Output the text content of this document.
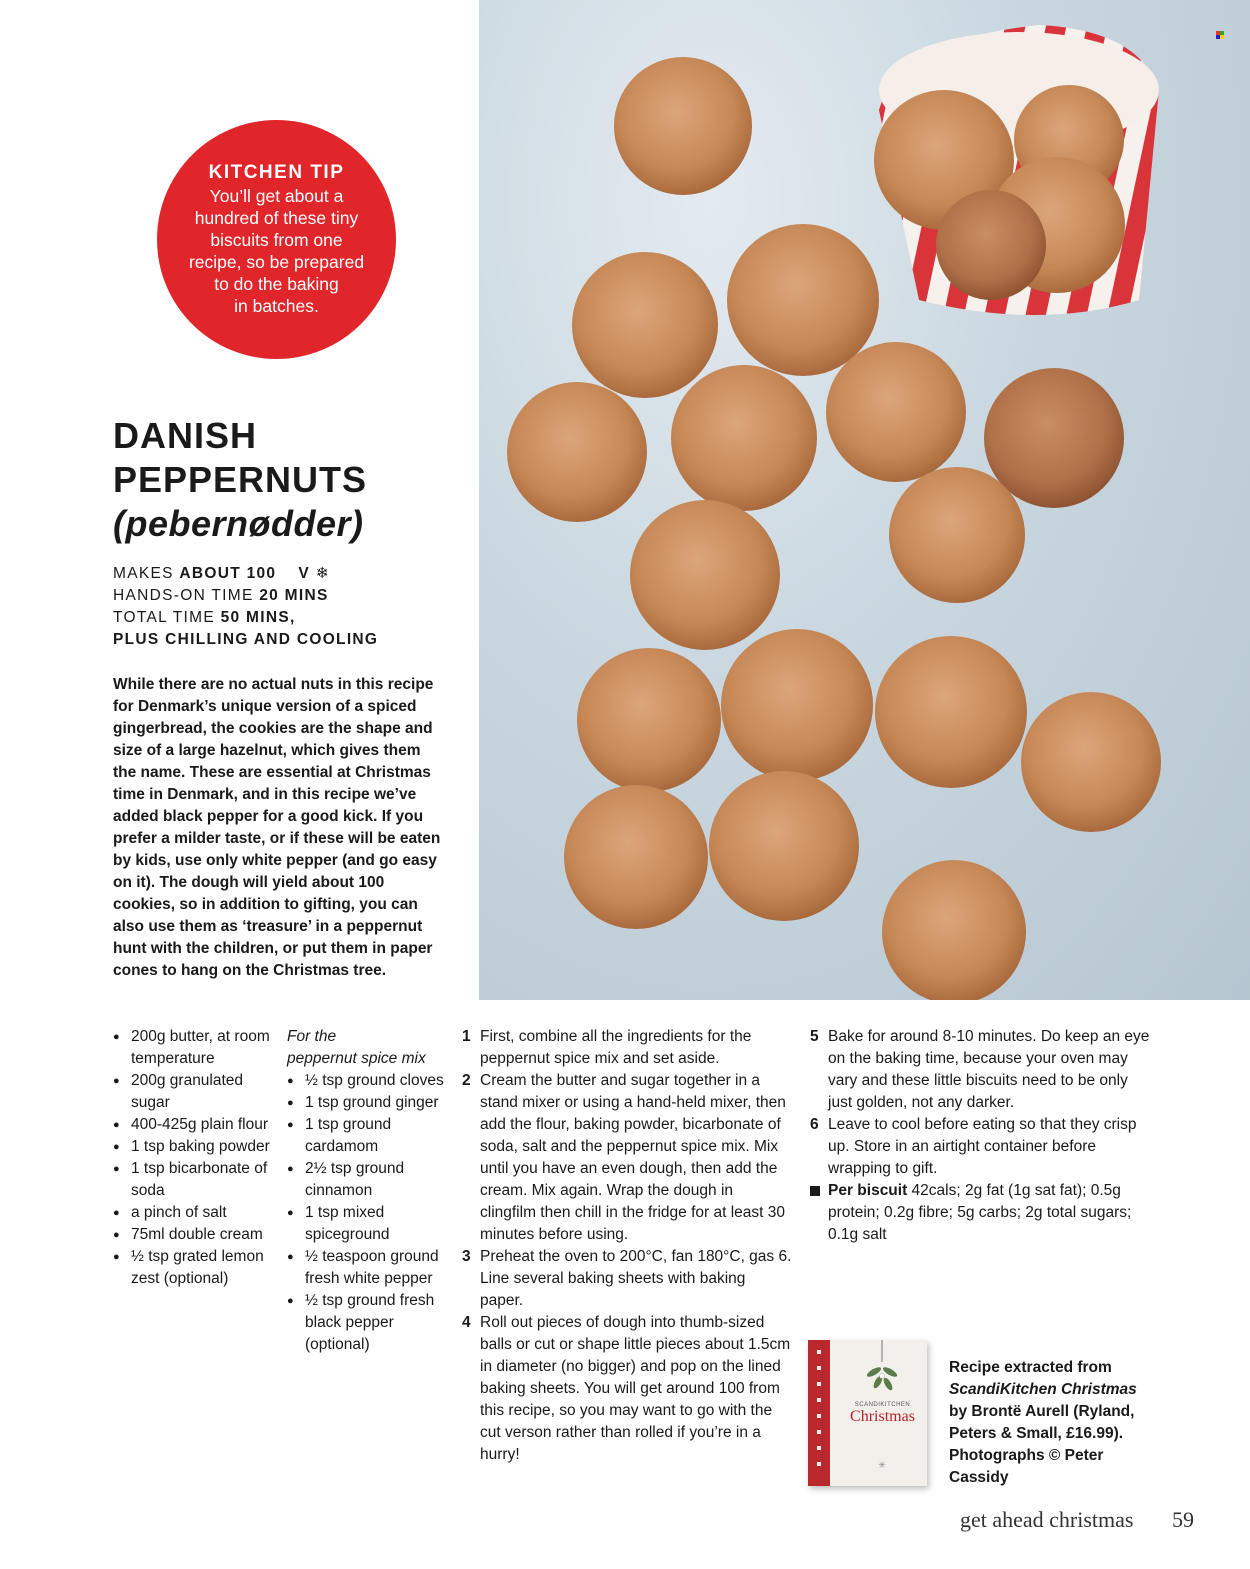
KITCHEN TIP
You’ll get about a
hundred of these tiny
biscuits from one
recipe, so be prepared
to do the baking
in batches.
DANISH
PEPPERNUTS
(pebernødder)
MAKES ABOUT 100 V ❄
HANDS-ON TIME 20 MINS
TOTAL TIME 50 MINS,
PLUS CHILLING AND COOLING
While there are no actual nuts in this recipe for Denmark’s unique version of a spiced gingerbread, the cookies are the shape and size of a large hazelnut, which gives them the name. These are essential at Christmas time in Denmark, and in this recipe we’ve added black pepper for a good kick. If you prefer a milder taste, or if these will be eaten by kids, use only white pepper (and go easy on it). The dough will yield about 100 cookies, so in addition to gifting, you can also use them as ‘treasure’ in a peppernut hunt with the children, or put them in paper cones to hang on the Christmas tree.
● 200g butter, at room temperature
● 200g granulated sugar
● 400-425g plain flour
● 1 tsp baking powder
● 1 tsp bicarbonate of soda
● a pinch of salt
● 75ml double cream
● ½ tsp grated lemon zest (optional)
For the
peppernut spice mix
● ½ tsp ground cloves
● 1 tsp ground ginger
● 1 tsp ground cardamom
● 2½ tsp ground cinnamon
● 1 tsp mixed spiceground
● ½ teaspoon ground fresh white pepper
● ½ tsp ground fresh black pepper (optional)
1 First, combine all the ingredients for the peppernut spice mix and set aside.
2 Cream the butter and sugar together in a stand mixer or using a hand-held mixer, then add the flour, baking powder, bicarbonate of soda, salt and the peppernut spice mix. Mix until you have an even dough, then add the cream. Mix again. Wrap the dough in clingfilm then chill in the fridge for at least 30 minutes before using.
3 Preheat the oven to 200°C, fan 180°C, gas 6. Line several baking sheets with baking paper.
4 Roll out pieces of dough into thumb-sized balls or cut or shape little pieces about 1.5cm in diameter (no bigger) and pop on the lined baking sheets. You will get around 100 from this recipe, so you may want to go with the cut verson rather than rolled if you’re in a hurry!
5 Bake for around 8-10 minutes. Do keep an eye on the baking time, because your oven may vary and these little biscuits need to be only just golden, not any darker.
6 Leave to cool before eating so that they crisp up. Store in an airtight container before wrapping to gift.
Per biscuit 42cals; 2g fat (1g sat fat); 0.5g protein; 0.2g fibre; 5g carbs; 2g total sugars; 0.1g salt
✳
SCANDIKITCHEN
Christmas
Recipe extracted from ScandiKitchen Christmas by Brontë Aurell (Ryland, Peters & Small, £16.99). Photographs © Peter Cassidy
get ahead christmas 59
